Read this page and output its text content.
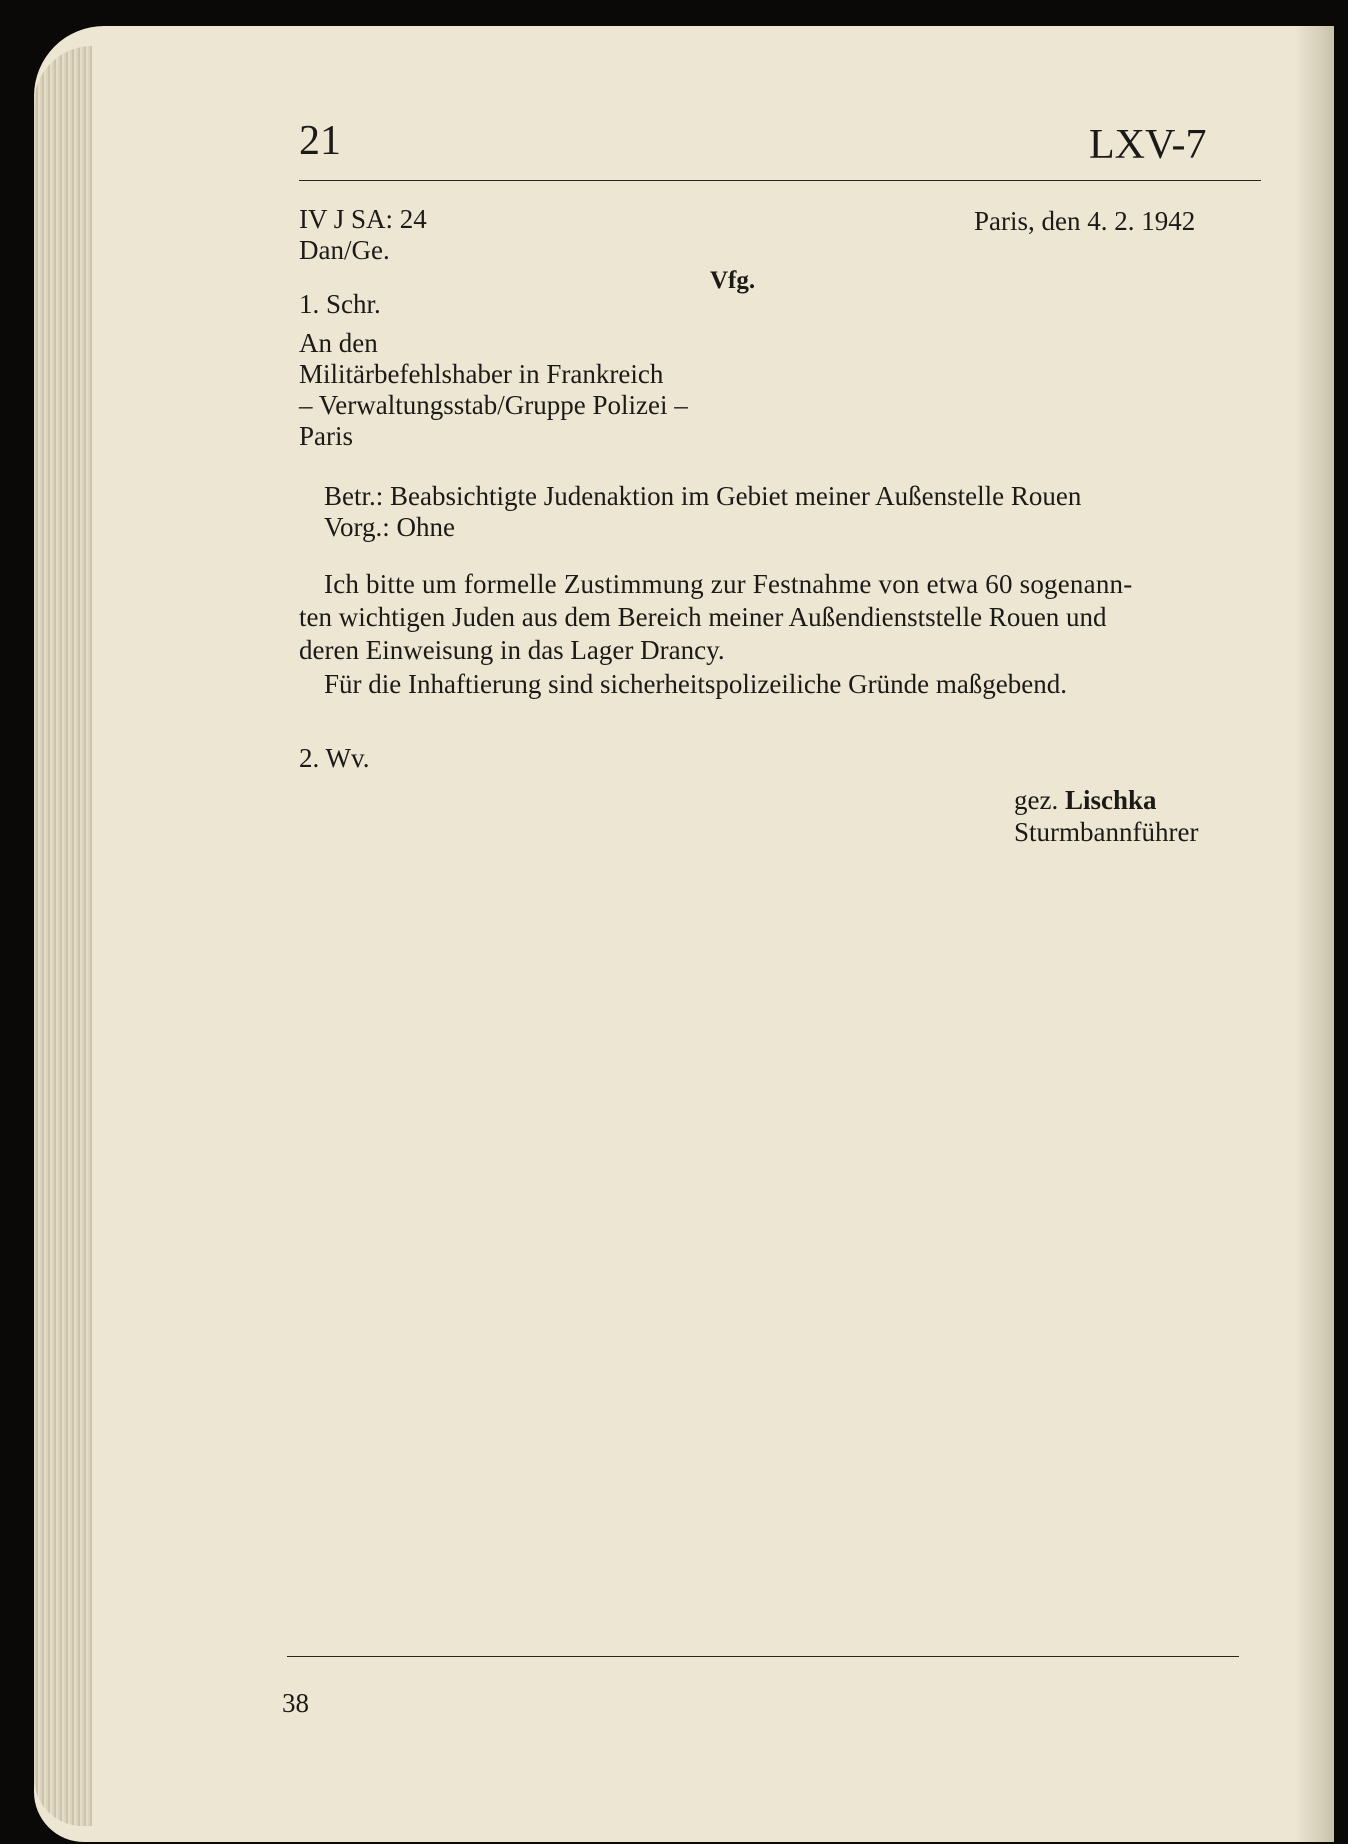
21	LXV-7
IV J SA: 24
Dan/Ge.
Paris, den 4. 2. 1942
Vfg.
1. Schr.
An den
Militärbefehlshaber in Frankreich
– Verwaltungsstab/Gruppe Polizei –
Paris
Betr.: Beabsichtigte Judenaktion im Gebiet meiner Außenstelle Rouen
Vorg.: Ohne
Ich bitte um formelle Zustimmung zur Festnahme von etwa 60 sogenann-
ten wichtigen Juden aus dem Bereich meiner Außendienststelle Rouen und
deren Einweisung in das Lager Drancy.
Für die Inhaftierung sind sicherheitspolizeiliche Gründe maßgebend.
2. Wv.
gez. Lischka
Sturmbannführer
38
